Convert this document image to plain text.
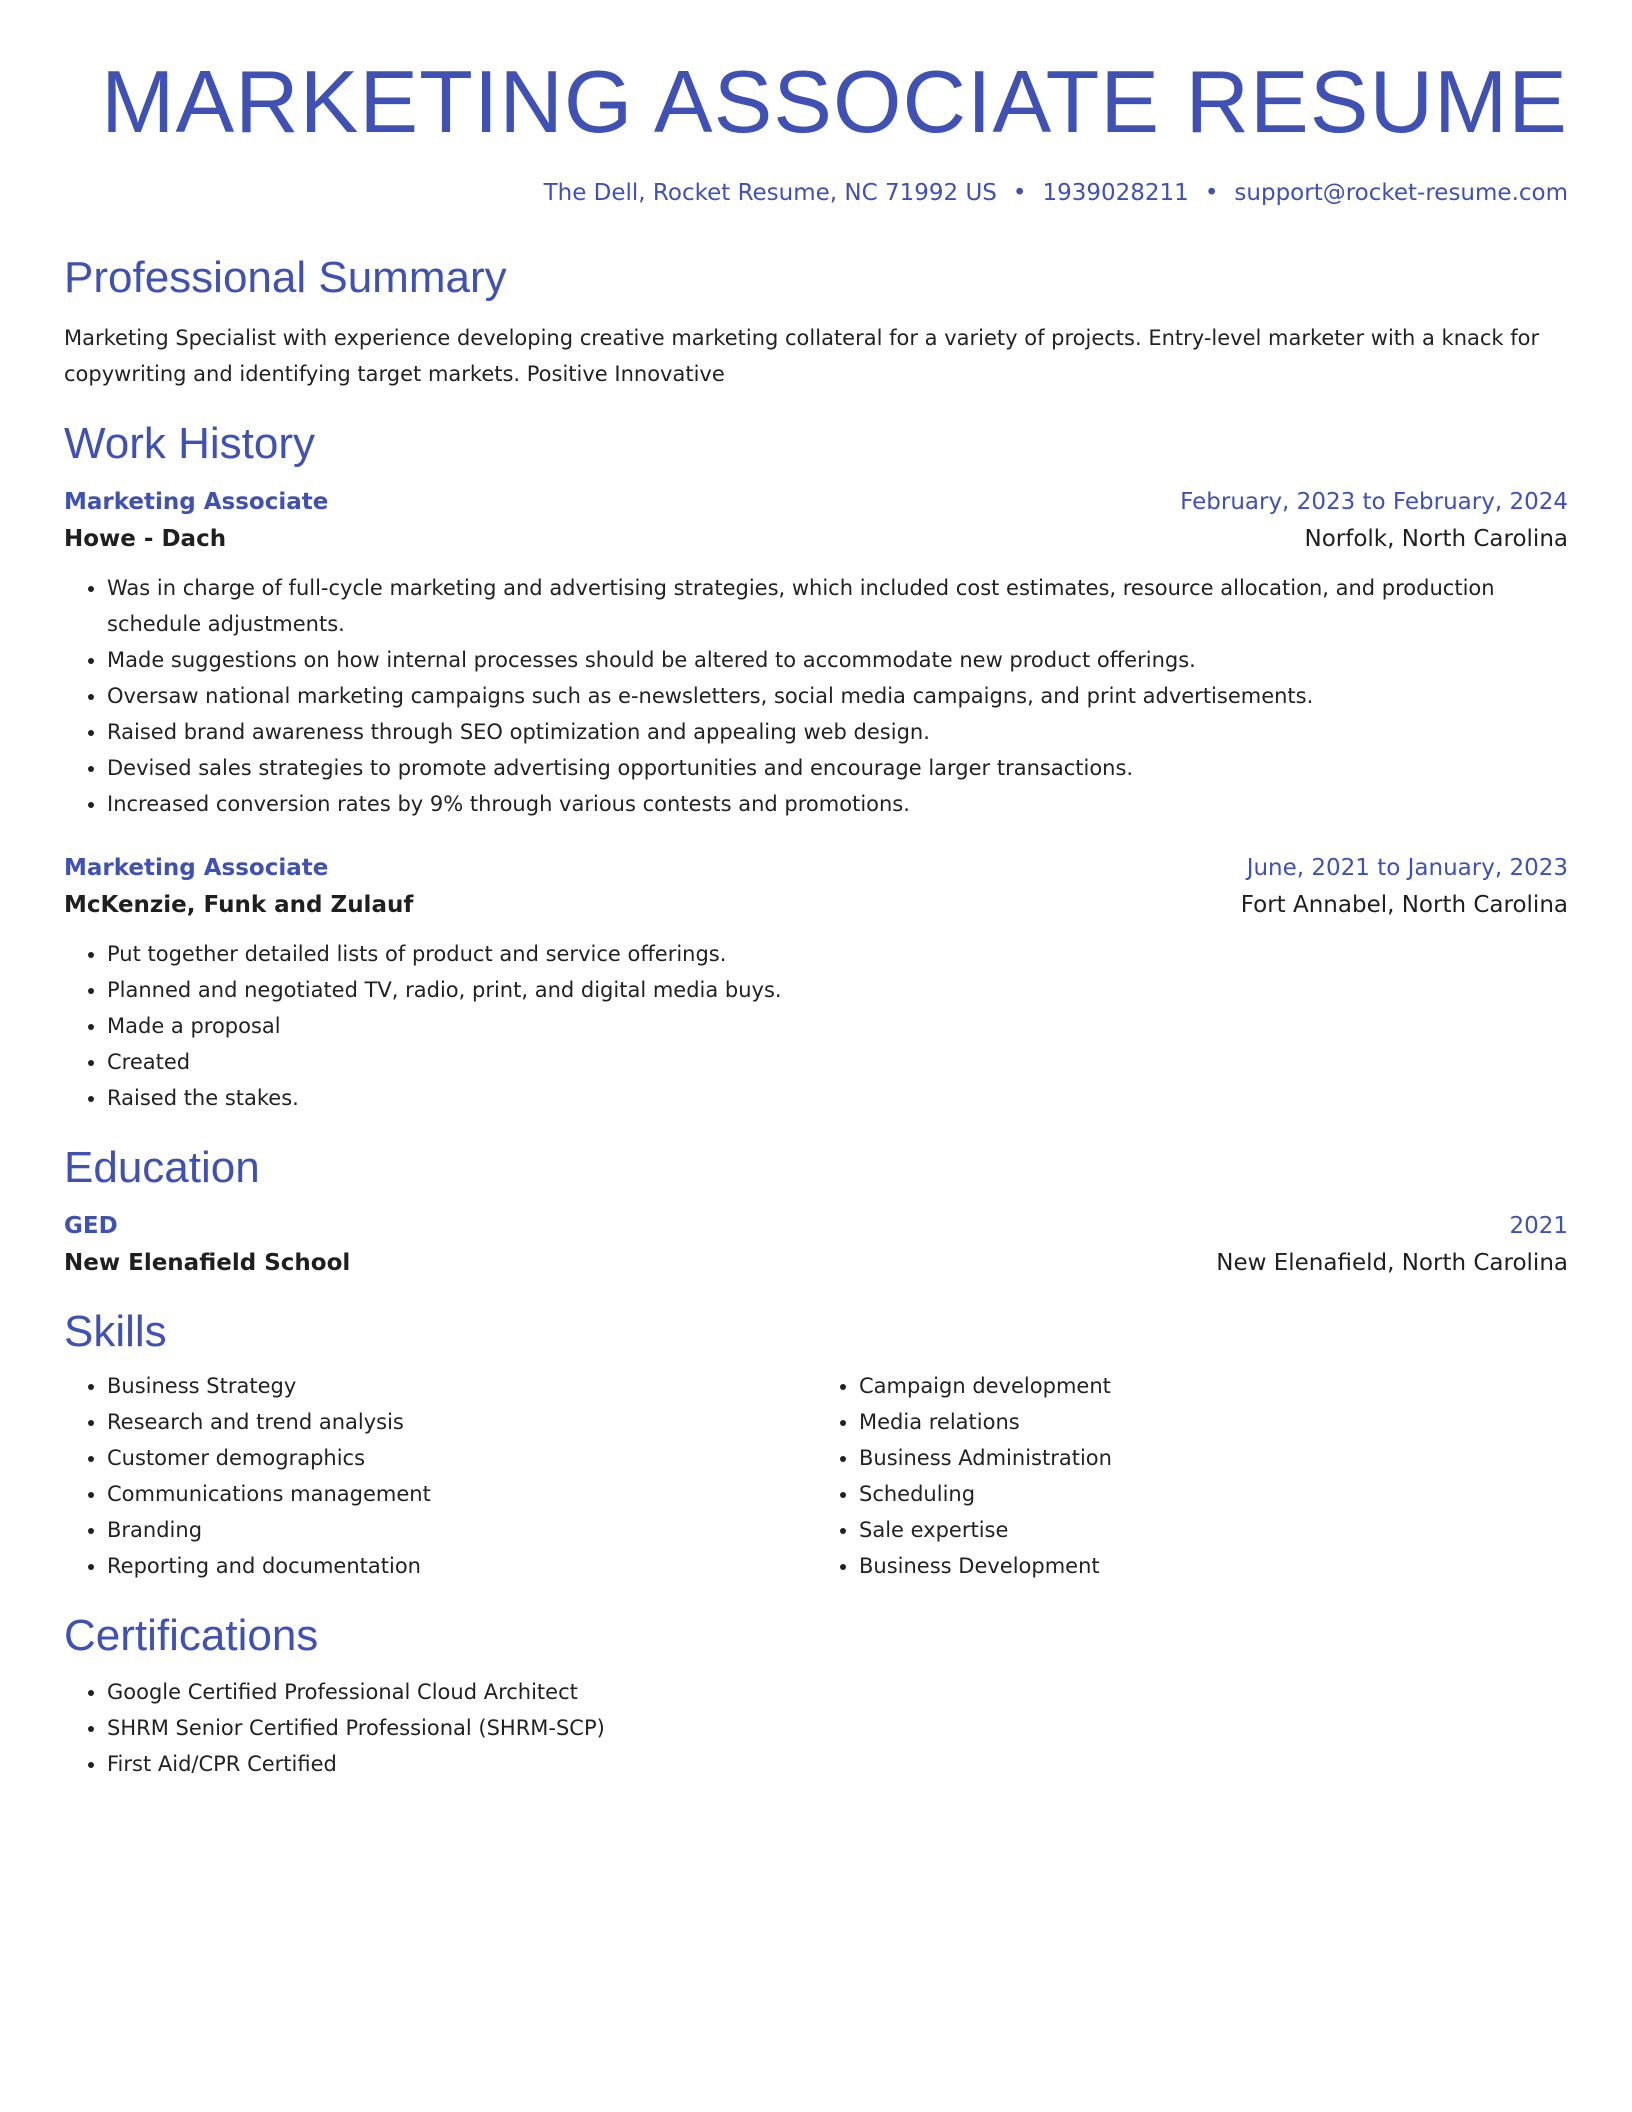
MARKETING ASSOCIATE RESUME
The Dell, Rocket Resume, NC 71992 US • 1939028211 • support@rocket-resume.com
Professional Summary

Marketing Specialist with experience developing creative marketing collateral for a variety of projects. Entry-level marketer with a knack for copywriting and identifying target markets. Positive Innovative

Work History
Marketing Associate	February, 2023 to February, 2024
Howe - Dach	Norfolk, North Carolina
• Was in charge of full-cycle marketing and advertising strategies, which included cost estimates, resource allocation, and production schedule adjustments.
• Made suggestions on how internal processes should be altered to accommodate new product offerings.
• Oversaw national marketing campaigns such as e-newsletters, social media campaigns, and print advertisements.
• Raised brand awareness through SEO optimization and appealing web design.
• Devised sales strategies to promote advertising opportunities and encourage larger transactions.
• Increased conversion rates by 9% through various contests and promotions.
Marketing Associate	June, 2021 to January, 2023
McKenzie, Funk and Zulauf	Fort Annabel, North Carolina
• Put together detailed lists of product and service offerings.
• Planned and negotiated TV, radio, print, and digital media buys.
• Made a proposal
• Created
• Raised the stakes.
Education
GED	2021
New Elenafield School	New Elenafield, North Carolina
Skills
• Business Strategy
• Research and trend analysis
• Customer demographics
• Communications management
• Branding
• Reporting and documentation
• Campaign development
• Media relations
• Business Administration
• Scheduling
• Sale expertise
• Business Development
Certifications
• Google Certified Professional Cloud Architect
• SHRM Senior Certified Professional (SHRM-SCP)
• First Aid/CPR Certified
